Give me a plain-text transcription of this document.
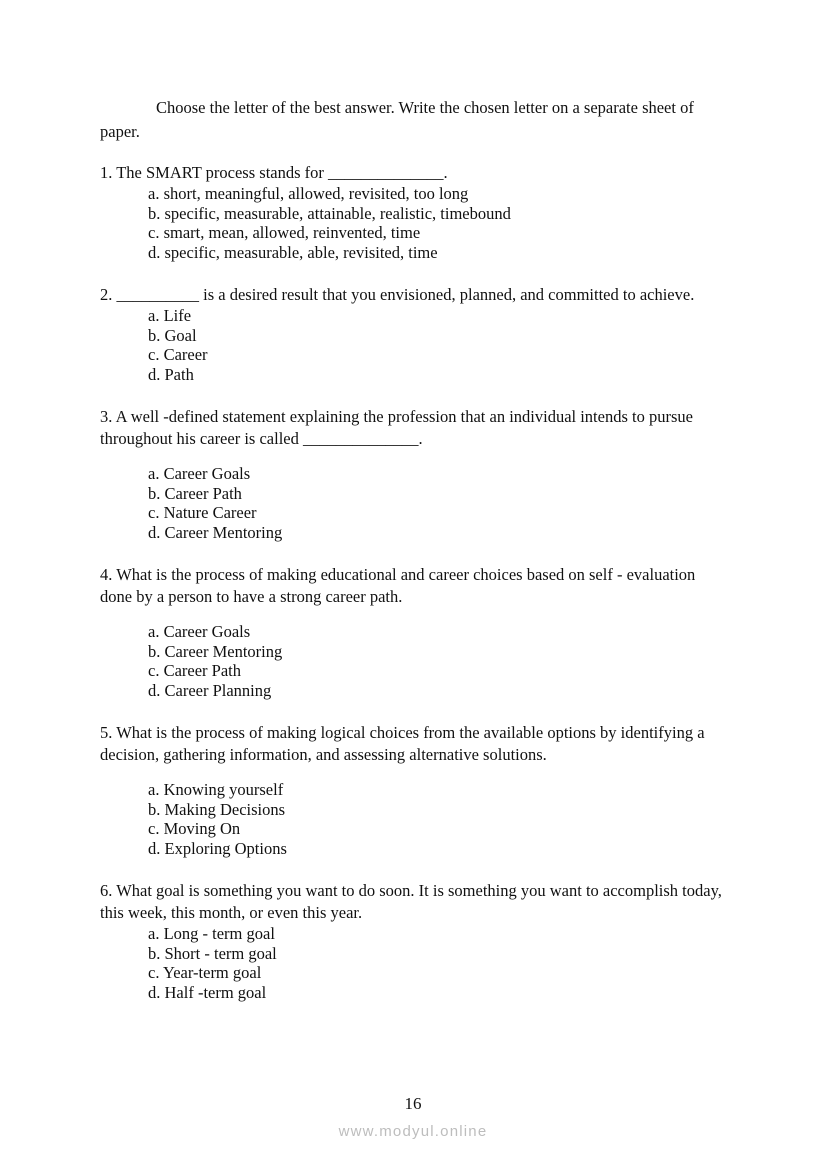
Choose the letter of the best answer. Write the chosen letter on a separate sheet of paper.

1. The SMART process stands for ______________.

a. short, meaningful, allowed, revisited, too long
b. specific, measurable, attainable, realistic, timebound
c. smart, mean, allowed, reinvented, time
d. specific, measurable, able, revisited, time

2. __________ is a desired result that you envisioned, planned, and committed to achieve.

a. Life
b. Goal
c. Career
d. Path

3. A well -defined statement explaining the profession that an individual intends to pursue throughout his career is called ______________.

a. Career Goals
b. Career Path
c. Nature Career
d. Career Mentoring

4. What is the process of making educational and career choices based on self - evaluation done by a person to have a strong career path.

a. Career Goals
b. Career Mentoring
c. Career Path
d. Career Planning

5. What is the process of making logical choices from the available options by identifying a decision, gathering information, and assessing alternative solutions.

a. Knowing yourself
b. Making Decisions
c. Moving On
d. Exploring Options

6. What goal is something you want to do soon. It is something you want to accomplish today, this week, this month, or even this year.

a. Long - term goal
b. Short - term goal
c. Year-term goal
d. Half -term goal
16
www.modyul.online
